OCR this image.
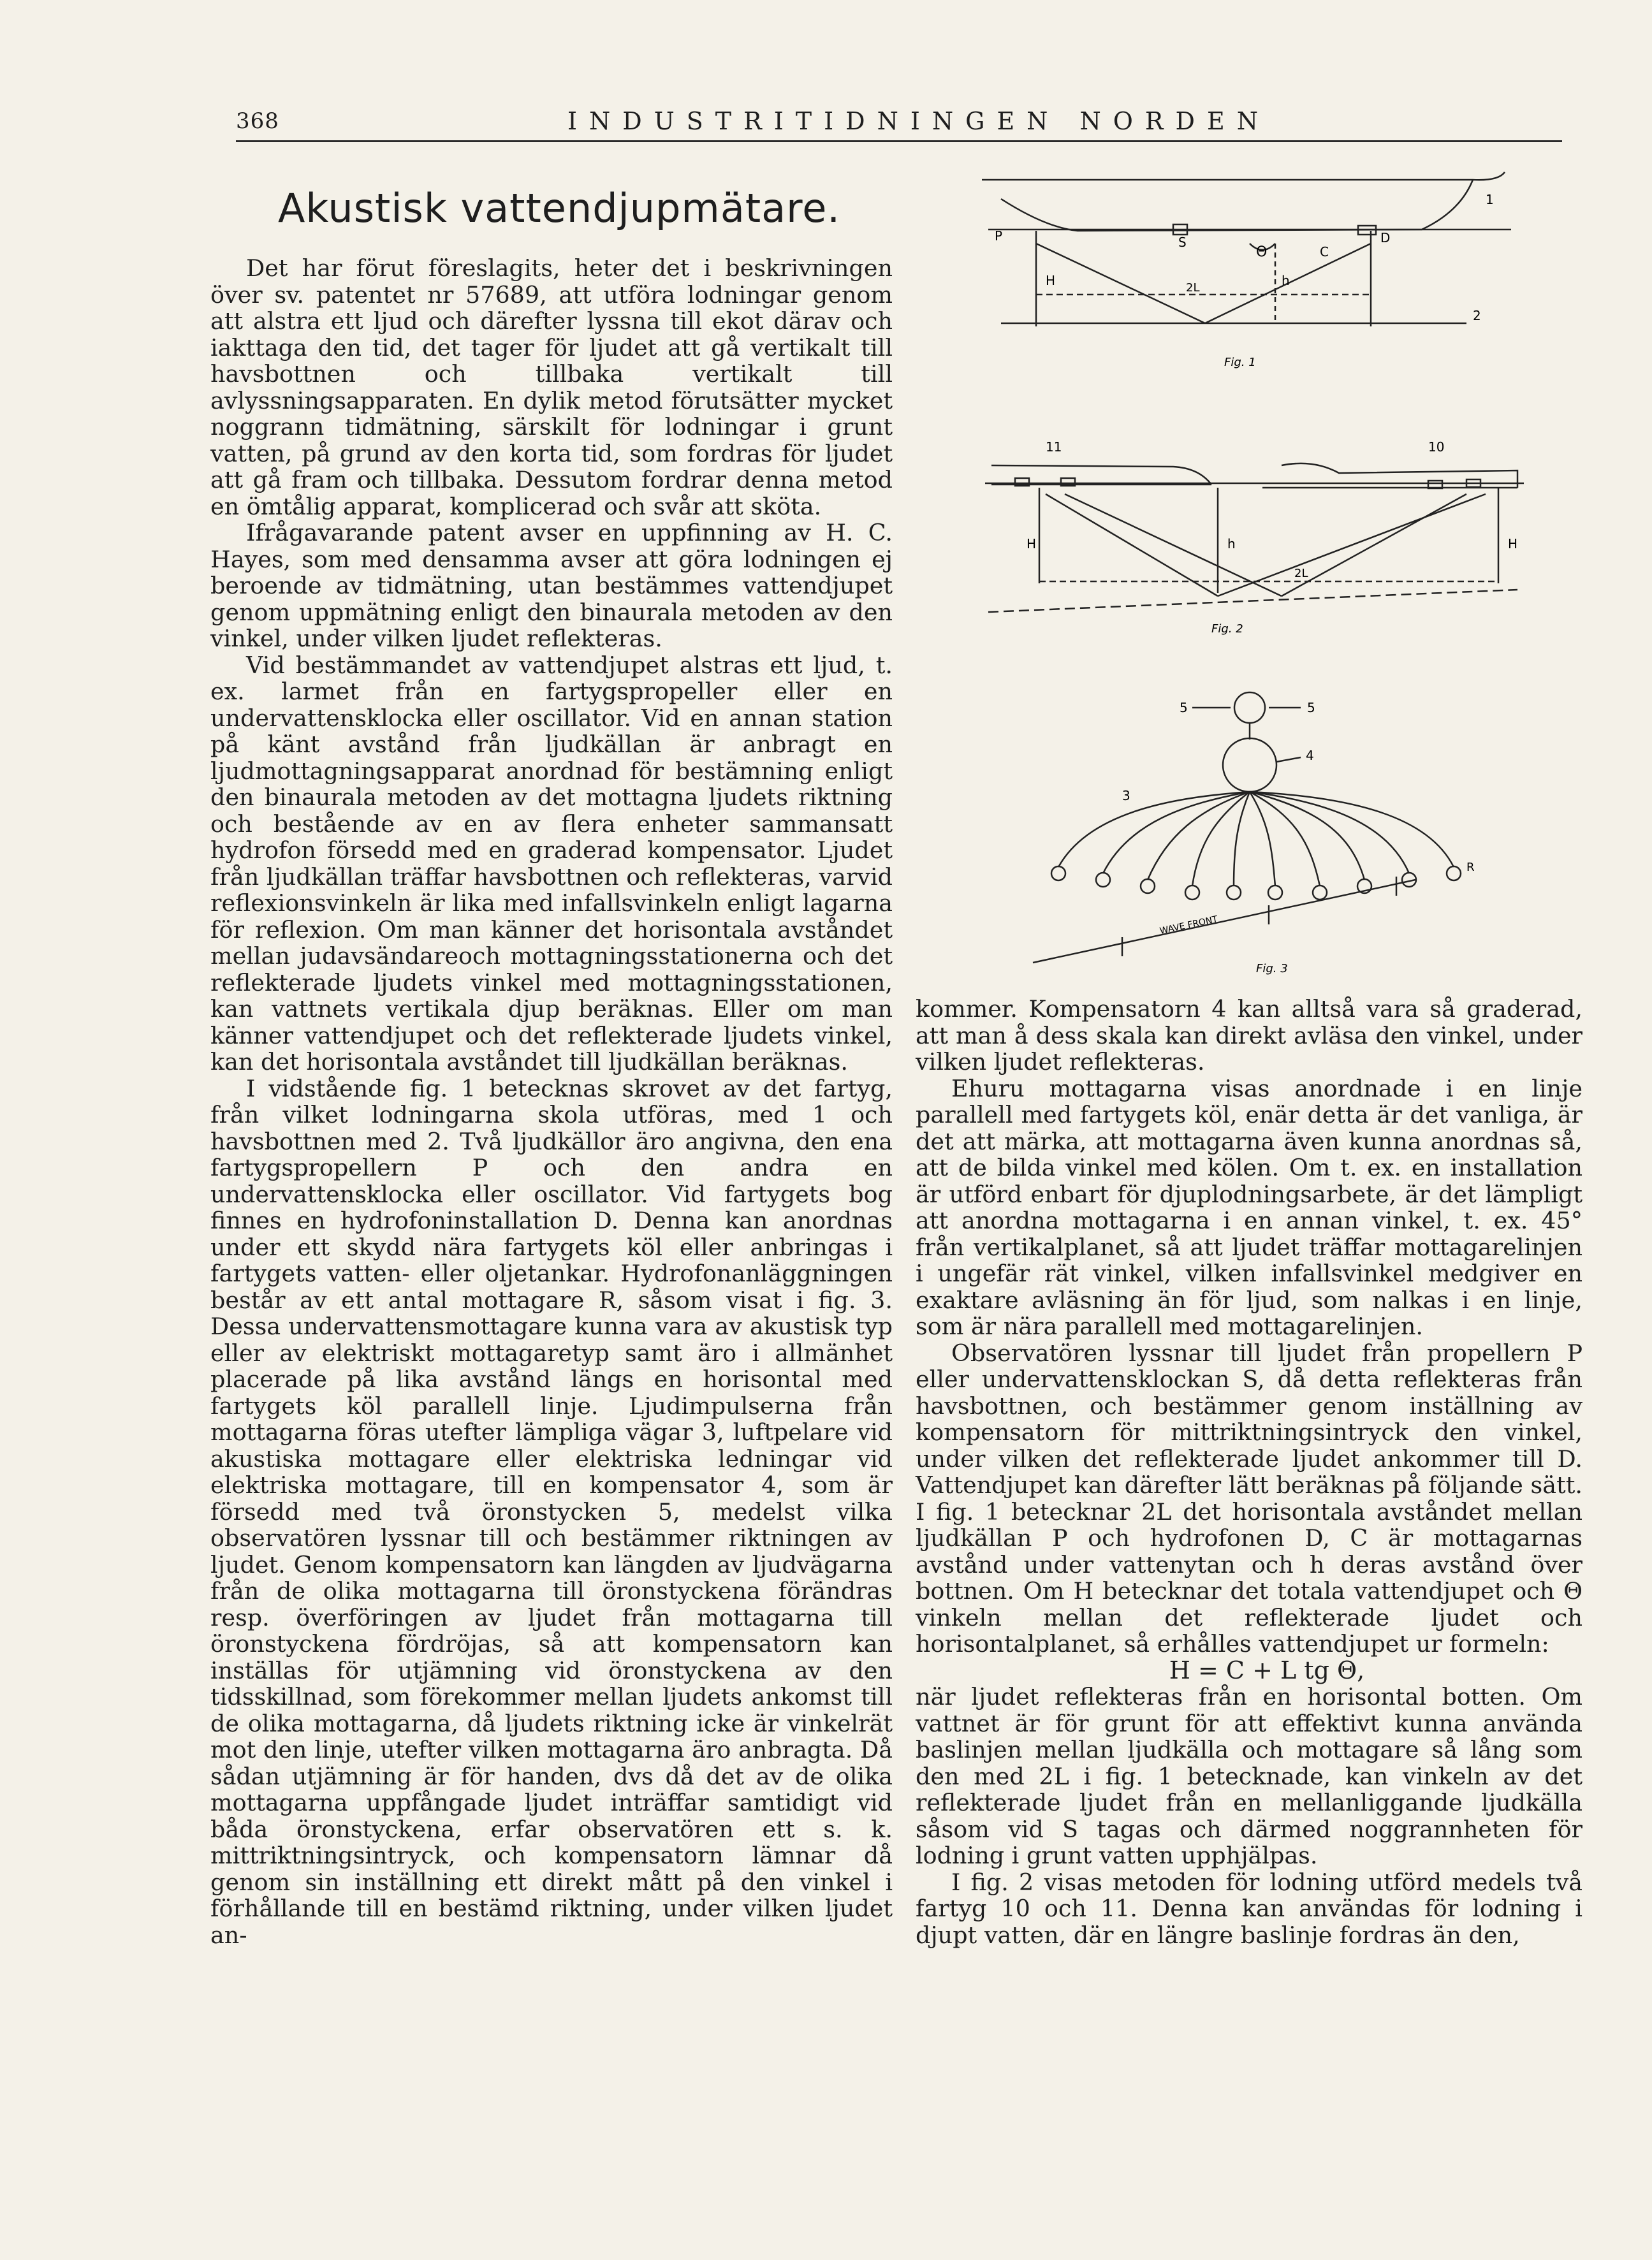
368	INDUSTRITIDNINGEN NORDEN
Akustisk vattendjupmätare.

Det har förut föreslagits, heter det i beskrivningen över sv. patentet nr 57689, att utföra lodningar genom att alstra ett ljud och därefter lyssna till ekot därav och iakttaga den tid, det tager för ljudet att gå vertikalt till havsbottnen och tillbaka vertikalt till avlyssningsapparaten. En dylik metod förutsätter mycket noggrann tidmätning, särskilt för lodningar i grunt vatten, på grund av den korta tid, som fordras för ljudet att gå fram och tillbaka. Dessutom fordrar denna metod en ömtålig apparat, komplicerad och svår att sköta.

Ifrågavarande patent avser en uppfinning av H. C. Hayes, som med densamma avser att göra lodningen ej beroende av tidmätning, utan bestämmes vattendjupet genom uppmätning enligt den binaurala metoden av den vinkel, under vilken ljudet reflekteras.

Vid bestämmandet av vattendjupet alstras ett ljud, t. ex. larmet från en fartygspropeller eller en undervattensklocka eller oscillator. Vid en annan station på känt avstånd från ljudkällan är anbragt en ljudmottagningsapparat anordnad för bestämning enligt den binaurala metoden av det mottagna ljudets riktning och bestående av en av flera enheter sammansatt hydrofon försedd med en graderad kompensator. Ljudet från ljudkällan träffar havsbottnen och reflekteras, varvid reflexionsvinkeln är lika med infallsvinkeln enligt lagarna för reflexion. Om man känner det horisontala avståndet mellan judavsändareoch mottagningsstationerna och det reflekterade ljudets vinkel med mottagningsstationen, kan vattnets vertikala djup beräknas. Eller om man känner vattendjupet och det reflekterade ljudets vinkel, kan det horisontala avståndet till ljudkällan beräknas.

I vidstående fig. 1 betecknas skrovet av det fartyg, från vilket lodningarna skola utföras, med 1 och havsbottnen med 2. Två ljudkällor äro angivna, den ena fartygspropellern P och den andra en undervattensklocka eller oscillator. Vid fartygets bog finnes en hydrofoninstallation D. Denna kan anordnas under ett skydd nära fartygets köl eller anbringas i fartygets vatten- eller oljetankar. Hydrofonanläggningen består av ett antal mottagare R, såsom visat i fig. 3. Dessa undervattensmottagare kunna vara av akustisk typ eller av elektriskt mottagaretyp samt äro i allmänhet placerade på lika avstånd längs en horisontal med fartygets köl parallell linje. Ljudimpulserna från mottagarna föras utefter lämpliga vägar 3, luftpelare vid akustiska mottagare eller elektriska ledningar vid elektriska mottagare, till en kompensator 4, som är försedd med två öronstycken 5, medelst vilka observatören lyssnar till och bestämmer riktningen av ljudet. Genom kompensatorn kan längden av ljudvägarna från de olika mottagarna till öronstyckena förändras resp. överföringen av ljudet från mottagarna till öronstyckena fördröjas, så att kompensatorn kan inställas för utjämning vid öronstyckena av den tidsskillnad, som förekommer mellan ljudets ankomst till de olika mottagarna, då ljudets riktning icke är vinkelrät mot den linje, utefter vilken mottagarna äro anbragta. Då sådan utjämning är för handen, dvs då det av de olika mottagarna uppfångade ljudet inträffar samtidigt vid båda öronstyckena, erfar observatören ett s. k. mittriktningsintryck, och kompensatorn lämnar då genom sin inställning ett direkt mått på den vinkel i förhållande till en bestämd riktning, under vilken ljudet an-

P	S	D
Θ
H	h
C
2L
1
2
Fig. 1
11	10
H	h	H
2L
Fig. 2
5	5
4
3
R
WAVE FRONT
Fig. 3

kommer. Kompensatorn 4 kan alltså vara så graderad, att man å dess skala kan direkt avläsa den vinkel, under vilken ljudet reflekteras.

Ehuru mottagarna visas anordnade i en linje parallell med fartygets köl, enär detta är det vanliga, är det att märka, att mottagarna även kunna anordnas så, att de bilda vinkel med kölen. Om t. ex. en installation är utförd enbart för djuplodningsarbete, är det lämpligt att anordna mottagarna i en annan vinkel, t. ex. 45° från vertikalplanet, så att ljudet träffar mottagarelinjen i ungefär rät vinkel, vilken infallsvinkel medgiver en exaktare avläsning än för ljud, som nalkas i en linje, som är nära parallell med mottagarelinjen.

Observatören lyssnar till ljudet från propellern P eller undervattensklockan S, då detta reflekteras från havsbottnen, och bestämmer genom inställning av kompensatorn för mittriktningsintryck den vinkel, under vilken det reflekterade ljudet ankommer till D. Vattendjupet kan därefter lätt beräknas på följande sätt. I fig. 1 betecknar 2L det horisontala avståndet mellan ljudkällan P och hydrofonen D, C är mottagarnas avstånd under vattenytan och h deras avstånd över bottnen. Om H betecknar det totala vattendjupet och Θ vinkeln mellan det reflekterade ljudet och horisontalplanet, så erhålles vattendjupet ur formeln:

H = C + L tg Θ,

när ljudet reflekteras från en horisontal botten. Om vattnet är för grunt för att effektivt kunna använda baslinjen mellan ljudkälla och mottagare så lång som den med 2L i fig. 1 betecknade, kan vinkeln av det reflekterade ljudet från en mellanliggande ljudkälla såsom vid S tagas och därmed noggrannheten för lodning i grunt vatten upphjälpas.

I fig. 2 visas metoden för lodning utförd medels två fartyg 10 och 11. Denna kan användas för lodning i djupt vatten, där en längre baslinje fordras än den,
